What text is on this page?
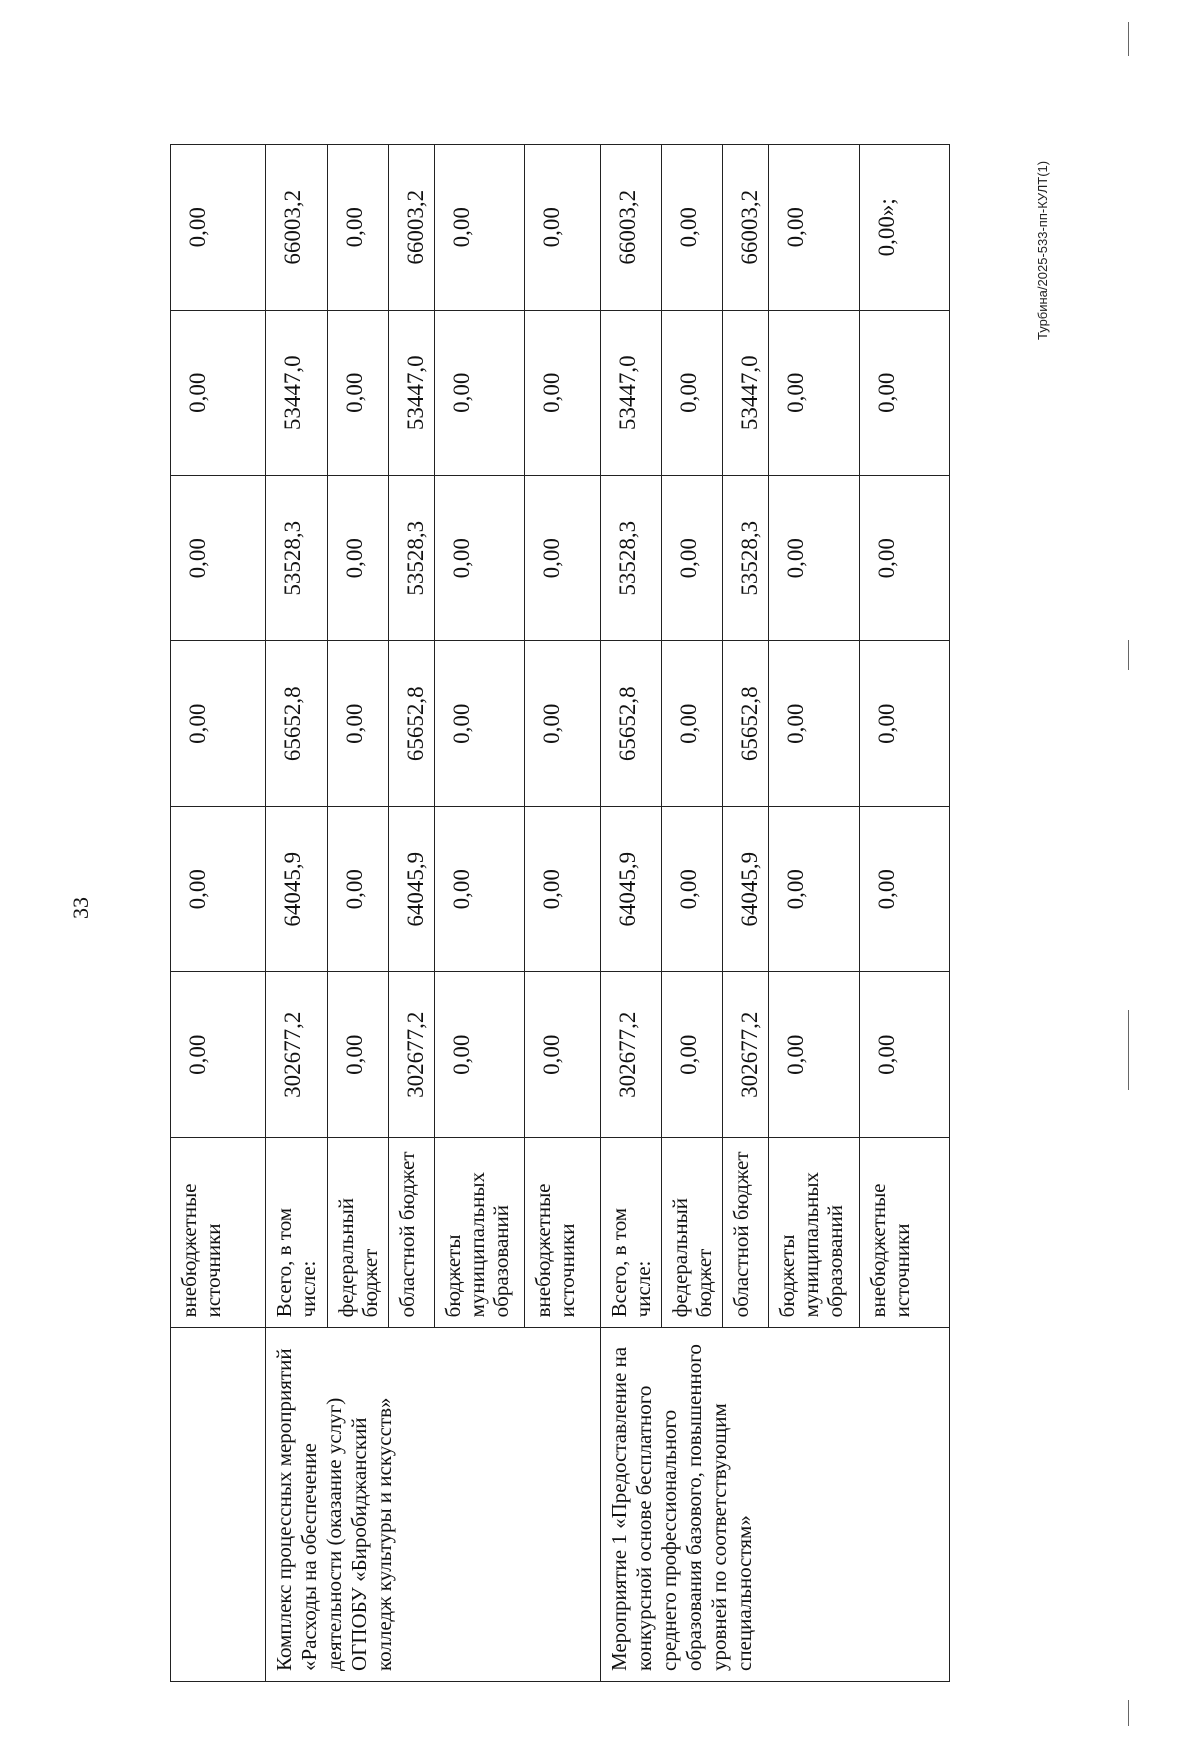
33
Турбина/2025-533-пп-КУЛТ(1)
	внебюджетные источники	0,00	0,00	0,00	0,00	0,00	0,00
Комплекс процессных мероприятий «Расходы на обеспечение деятельности (оказание услуг) ОГПОБУ «Биробиджанский колледж культуры и искусств»	Всего, в том числе:	302677,2	64045,9	65652,8	53528,3	53447,0	66003,2
	федеральный бюджет	0,00	0,00	0,00	0,00	0,00	0,00
	областной бюджет	302677,2	64045,9	65652,8	53528,3	53447,0	66003,2
	бюджеты муниципальных образований	0,00	0,00	0,00	0,00	0,00	0,00
	внебюджетные источники	0,00	0,00	0,00	0,00	0,00	0,00
Мероприятие 1 «Предоставление на конкурсной основе бесплатного среднего профессионального образования базового, повышенного уровней по соответствующим специальностям»	Всего, в том числе:	302677,2	64045,9	65652,8	53528,3	53447,0	66003,2
	федеральный бюджет	0,00	0,00	0,00	0,00	0,00	0,00
	областной бюджет	302677,2	64045,9	65652,8	53528,3	53447,0	66003,2
	бюджеты муниципальных образований	0,00	0,00	0,00	0,00	0,00	0,00
	внебюджетные источники	0,00	0,00	0,00	0,00	0,00	0,00»;
